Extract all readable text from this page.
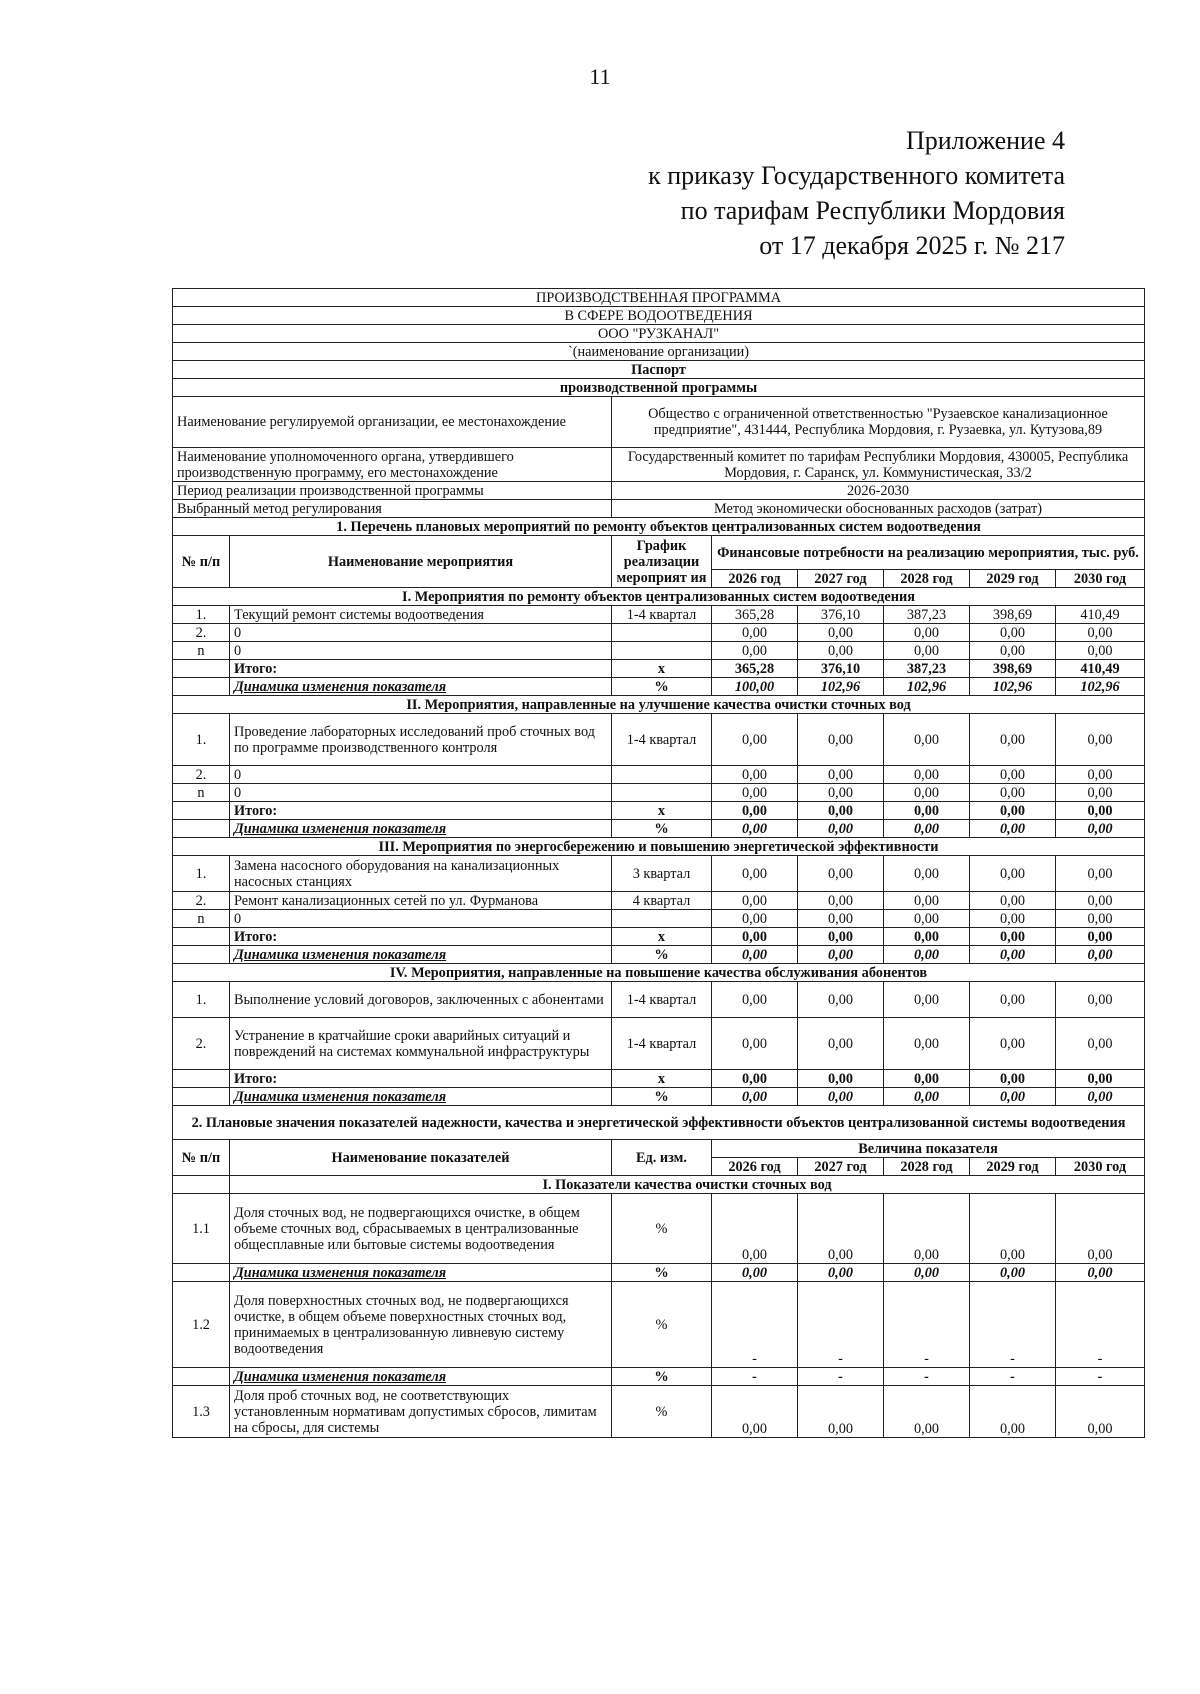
11
Приложение 4
к приказу Государственного комитета
по тарифам Республики Мордовия
от 17 декабря 2025 г. № 217
ПРОИЗВОДСТВЕННАЯ ПРОГРАММА							
В СФЕРЕ ВОДООТВЕДЕНИЯ							
ООО "РУЗКАНАЛ"							
`(наименование организации)							
Паспорт							
производственной программы							
Наименование регулируемой организации, ее местонахождение		Общество с ограниченной ответственностью "Рузаевское канализационное предприятие", 431444, Республика Мордовия, г. Рузаевка, ул. Кутузова,89					
Наименование уполномоченного органа, утвердившего производственную программу, его местонахождение		Государственный комитет по тарифам Республики Мордовия, 430005, Республика Мордовия, г. Саранск, ул. Коммунистическая, 33/2					
Период реализации производственной программы		2026-2030					
Выбранный метод регулирования		Метод экономически обоснованных расходов (затрат)					
1. Перечень плановых мероприятий по ремонту объектов централизованных систем водоотведения							
№ п/п	Наименование мероприятия	График реализации мероприят ия	Финансовые потребности на реализацию мероприятия, тыс. руб.				
			2026 год	2027 год	2028 год	2029 год	2030 год
I. Мероприятия по ремонту объектов централизованных систем водоотведения							
1.	Текущий ремонт системы водоотведения	1-4 квартал	365,28	376,10	387,23	398,69	410,49
2.	0		0,00	0,00	0,00	0,00	0,00
n	0		0,00	0,00	0,00	0,00	0,00
	Итого:	x	365,28	376,10	387,23	398,69	410,49
	Динамика изменения показателя	%	100,00	102,96	102,96	102,96	102,96
II. Мероприятия, направленные на улучшение качества очистки сточных вод							
1.	Проведение лабораторных исследований проб сточных вод по программе производственного контроля	1-4 квартал	0,00	0,00	0,00	0,00	0,00
2.	0		0,00	0,00	0,00	0,00	0,00
n	0		0,00	0,00	0,00	0,00	0,00
	Итого:	x	0,00	0,00	0,00	0,00	0,00
	Динамика изменения показателя	%	0,00	0,00	0,00	0,00	0,00
III. Мероприятия по энергосбережению и повышению энергетической эффективности							
1.	Замена насосного оборудования на канализационных насосных станциях	3 квартал	0,00	0,00	0,00	0,00	0,00
2.	Ремонт канализационных сетей по ул. Фурманова	4 квартал	0,00	0,00	0,00	0,00	0,00
n	0		0,00	0,00	0,00	0,00	0,00
	Итого:	x	0,00	0,00	0,00	0,00	0,00
	Динамика изменения показателя	%	0,00	0,00	0,00	0,00	0,00
IV. Мероприятия, направленные на повышение качества обслуживания абонентов							
1.	Выполнение условий договоров, заключенных с абонентами	1-4 квартал	0,00	0,00	0,00	0,00	0,00
2.	Устранение в кратчайшие сроки аварийных ситуаций и повреждений на системах коммунальной инфраструктуры	1-4 квартал	0,00	0,00	0,00	0,00	0,00
	Итого:	x	0,00	0,00	0,00	0,00	0,00
	Динамика изменения показателя	%	0,00	0,00	0,00	0,00	0,00
2. Плановые значения показателей надежности, качества и энергетической эффективности объектов централизованной системы водоотведения							
№ п/п	Наименование показателей	Ед. изм.	Величина показателя				
			2026 год	2027 год	2028 год	2029 год	2030 год
	I. Показатели качества очистки сточных вод						
1.1	Доля сточных вод, не подвергающихся очистке, в общем объеме сточных вод, сбрасываемых в централизованные общесплавные или бытовые системы водоотведения	%	0,00	0,00	0,00	0,00	0,00
	Динамика изменения показателя	%	0,00	0,00	0,00	0,00	0,00
1.2	Доля поверхностных сточных вод, не подвергающихся очистке, в общем объеме поверхностных сточных вод, принимаемых в централизованную ливневую систему водоотведения	%	-	-	-	-	-
	Динамика изменения показателя	%	-	-	-	-	-
1.3	Доля проб сточных вод, не соответствующих установленным нормативам допустимых сбросов, лимитам на сбросы, для системы	%	0,00	0,00	0,00	0,00	0,00
